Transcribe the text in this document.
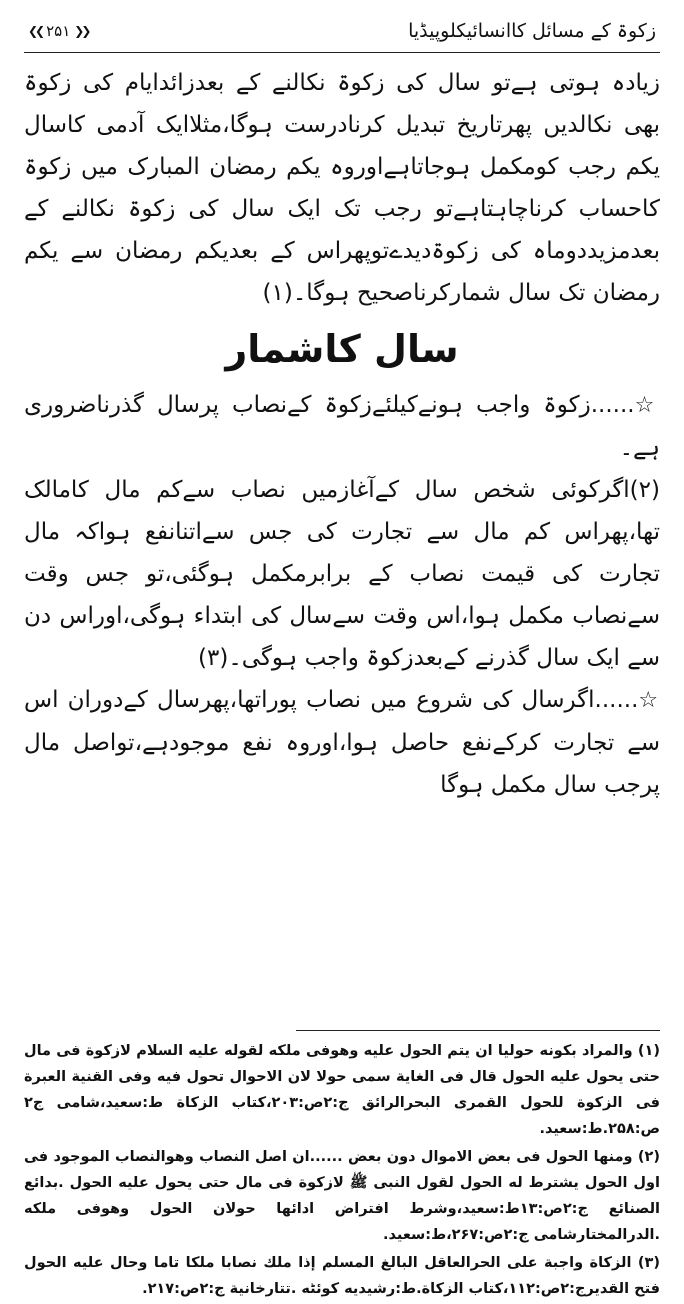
زکوۃ کے مسائل کاانسائیکلوپیڈیا
❮❮ ۲۵۱ ❯❯

زیادہ ہوتی ہےتو سال کی زکوۃ نکالنے کے بعدزائدایام کی زکوۃ بھی نکالدیں پھرتاریخ تبدیل کرنادرست ہوگا،مثلاایک آدمی کاسال یکم رجب کومکمل ہوجاتاہےاوروہ یکم رمضان المبارک میں زکوۃ کاحساب کرناچاہتاہےتو رجب تک ایک سال کی زکوۃ نکالنے کے بعدمزیددوماہ کی زکوۃدیدےتوپھراس کے بعدیکم رمضان سے یکم رمضان تک سال شمارکرناصحیح ہوگا۔(۱)

سال کاشمار

☆......زکوۃ واجب ہونےکیلئےزکوۃ کےنصاب پرسال گذرناضروری ہے۔

(۲)اگرکوئی شخص سال کےآغازمیں نصاب سےکم مال کامالک تھا،پھراس کم مال سے تجارت کی جس سےاتنانفع ہواکہ مال تجارت کی قیمت نصاب کے برابرمکمل ہوگئی،تو جس وقت سےنصاب مکمل ہوا،اس وقت سےسال کی ابتداء ہوگی،اوراس دن سے ایک سال گذرنے کےبعدزکوۃ واجب ہوگی۔(۳)

☆......اگرسال کی شروع میں نصاب پوراتھا،پھرسال کےدوران اس سے تجارت کرکےنفع حاصل ہوا،اوروہ نفع موجودہے،تواصل مال پرجب سال مکمل ہوگا

(۱) والمراد بكونه حوليا ان يتم الحول عليه وهوفى ملكه لقوله عليه السلام لازكوة فى مال حتى يحول عليه الحول قال فى الغاية سمى حولا لان الاحوال تحول فيه وفى القنية العبرة فى الزكوة للحول القمرى البحرالرائق ج:۲ص:۲۰۳،كتاب الزكاة ط:سعيد،شامى ج۲ ص:۲۵۸.ط:سعيد.

(۲) ومنها الحول فى بعض الاموال دون بعض ......ان اصل النصاب وهوالنصاب الموجود فى اول الحول يشترط له الحول لقول النبى ﷺ لازكوة فى مال حتى يحول عليه الحول .بدائع الصنائع ج:۲ص:۱۳ط:سعيد،وشرط افتراض ادائها حولان الحول وهوفى ملكه .الدرالمختارشامى ج:۲ص:۲۶۷،ط:سعيد.

(۳) الزكاة واجبة على الحرالعاقل البالغ المسلم إذا ملك نصابا ملكا تاما وحال عليه الحول فتح القديرج:۲ص:۱۱۲،كتاب الزكاة.ط:رشيديه كوئٹه .تتارخانية ج:۲ص:۲۱۷.
